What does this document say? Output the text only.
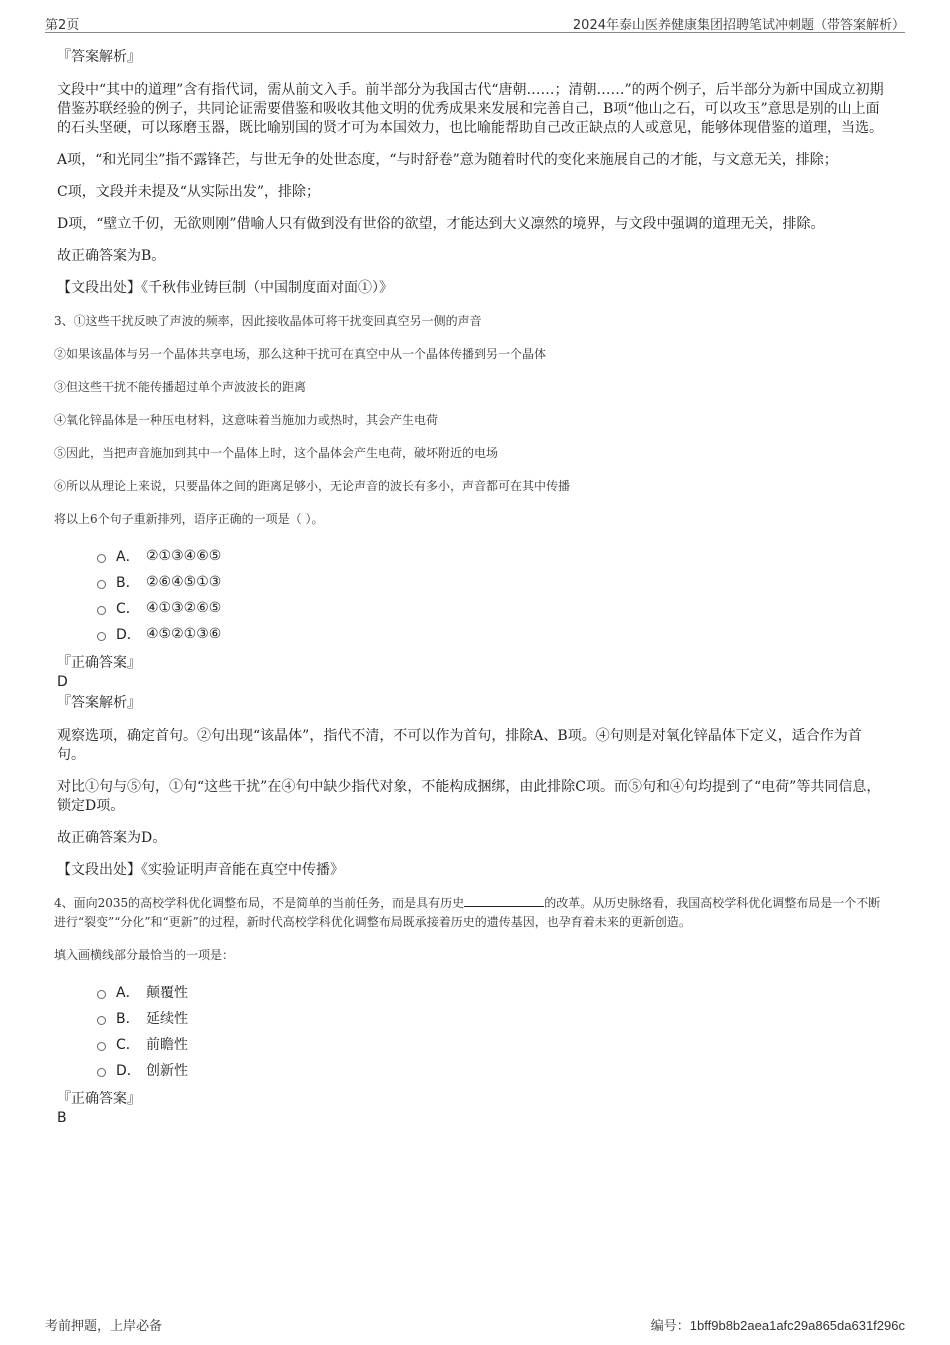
第2页	2024年泰山医养健康集团招聘笔试冲刺题（带答案解析）

『答案解析』

文段中“其中的道理”含有指代词，需从前文入手。前半部分为我国古代“唐朝……；清朝……”的两个例子，后半部分为新中国成立初期借鉴苏联经验的例子，共同论证需要借鉴和吸收其他文明的优秀成果来发展和完善自己，B项“他山之石，可以攻玉”意思是别的山上面的石头坚硬，可以琢磨玉器，既比喻别国的贤才可为本国效力，也比喻能帮助自己改正缺点的人或意见，能够体现借鉴的道理，当选。

A项，“和光同尘”指不露锋芒，与世无争的处世态度，“与时舒卷”意为随着时代的变化来施展自己的才能，与文意无关，排除；

C项，文段并未提及“从实际出发”，排除；

D项，“壁立千仞，无欲则刚”借喻人只有做到没有世俗的欲望，才能达到大义凛然的境界，与文段中强调的道理无关，排除。

故正确答案为B。

【文段出处】《千秋伟业铸巨制（中国制度面对面①）》

3、①这些干扰反映了声波的频率，因此接收晶体可将干扰变回真空另一侧的声音

②如果该晶体与另一个晶体共享电场，那么这种干扰可在真空中从一个晶体传播到另一个晶体

③但这些干扰不能传播超过单个声波波长的距离

④氧化锌晶体是一种压电材料，这意味着当施加力或热时，其会产生电荷

⑤因此，当把声音施加到其中一个晶体上时，这个晶体会产生电荷，破坏附近的电场

⑥所以从理论上来说，只要晶体之间的距离足够小，无论声音的波长有多小，声音都可在其中传播

将以上6个句子重新排列，语序正确的一项是（ ）。

A． ②①③④⑥⑤
B． ②⑥④⑤①③
C． ④①③②⑥⑤
D． ④⑤②①③⑥

『正确答案』

D

『答案解析』

观察选项，确定首句。②句出现“该晶体”，指代不清，不可以作为首句，排除A、B项。④句则是对氧化锌晶体下定义，适合作为首句。

对比①句与⑤句，①句“这些干扰”在④句中缺少指代对象，不能构成捆绑，由此排除C项。而⑤句和④句均提到了“电荷”等共同信息，锁定D项。

故正确答案为D。

【文段出处】《实验证明声音能在真空中传播》

4、面向2035的高校学科优化调整布局，不是简单的当前任务，而是具有历史	的改革。从历史脉络看，我国高校学科优化调整布局是一个不断进行“裂变”“分化”和“更新”的过程，新时代高校学科优化调整布局既承接着历史的遗传基因，也孕育着未来的更新创造。

填入画横线部分最恰当的一项是：

A． 颠覆性
B． 延续性
C． 前瞻性
D． 创新性

『正确答案』

B

考前押题，上岸必备	编号：1bff9b8b2aea1afc29a865da631f296c
